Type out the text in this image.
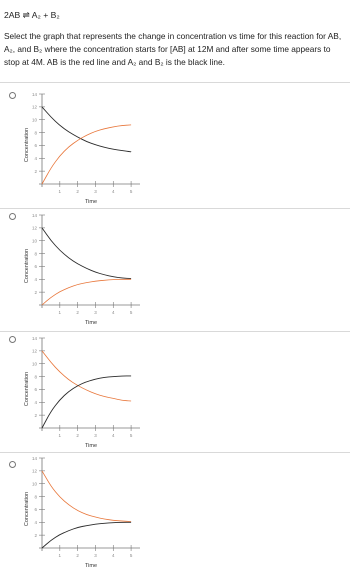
2AB ⇌ A₂ + B₂
Select the graph that represents the change in concentration vs time for this reaction for AB, A₂, and B₂ where the concentration starts for [AB] at 12M and after some time appears to stop at 4M. AB is the red line and A₂ and B₂ is the black line.
2
4
6
8
10
12
14
1	2	3	4	5
Time
Concentration
2
4
6
8
10
12
14
1	2	3	4	5
Time
Concentration
2
4
6
8
10
12
14
1	2	3	4	5
Time
Concentration
2
4
6
8
10
12
14
1	2	3	4	5
Time
Concentration
